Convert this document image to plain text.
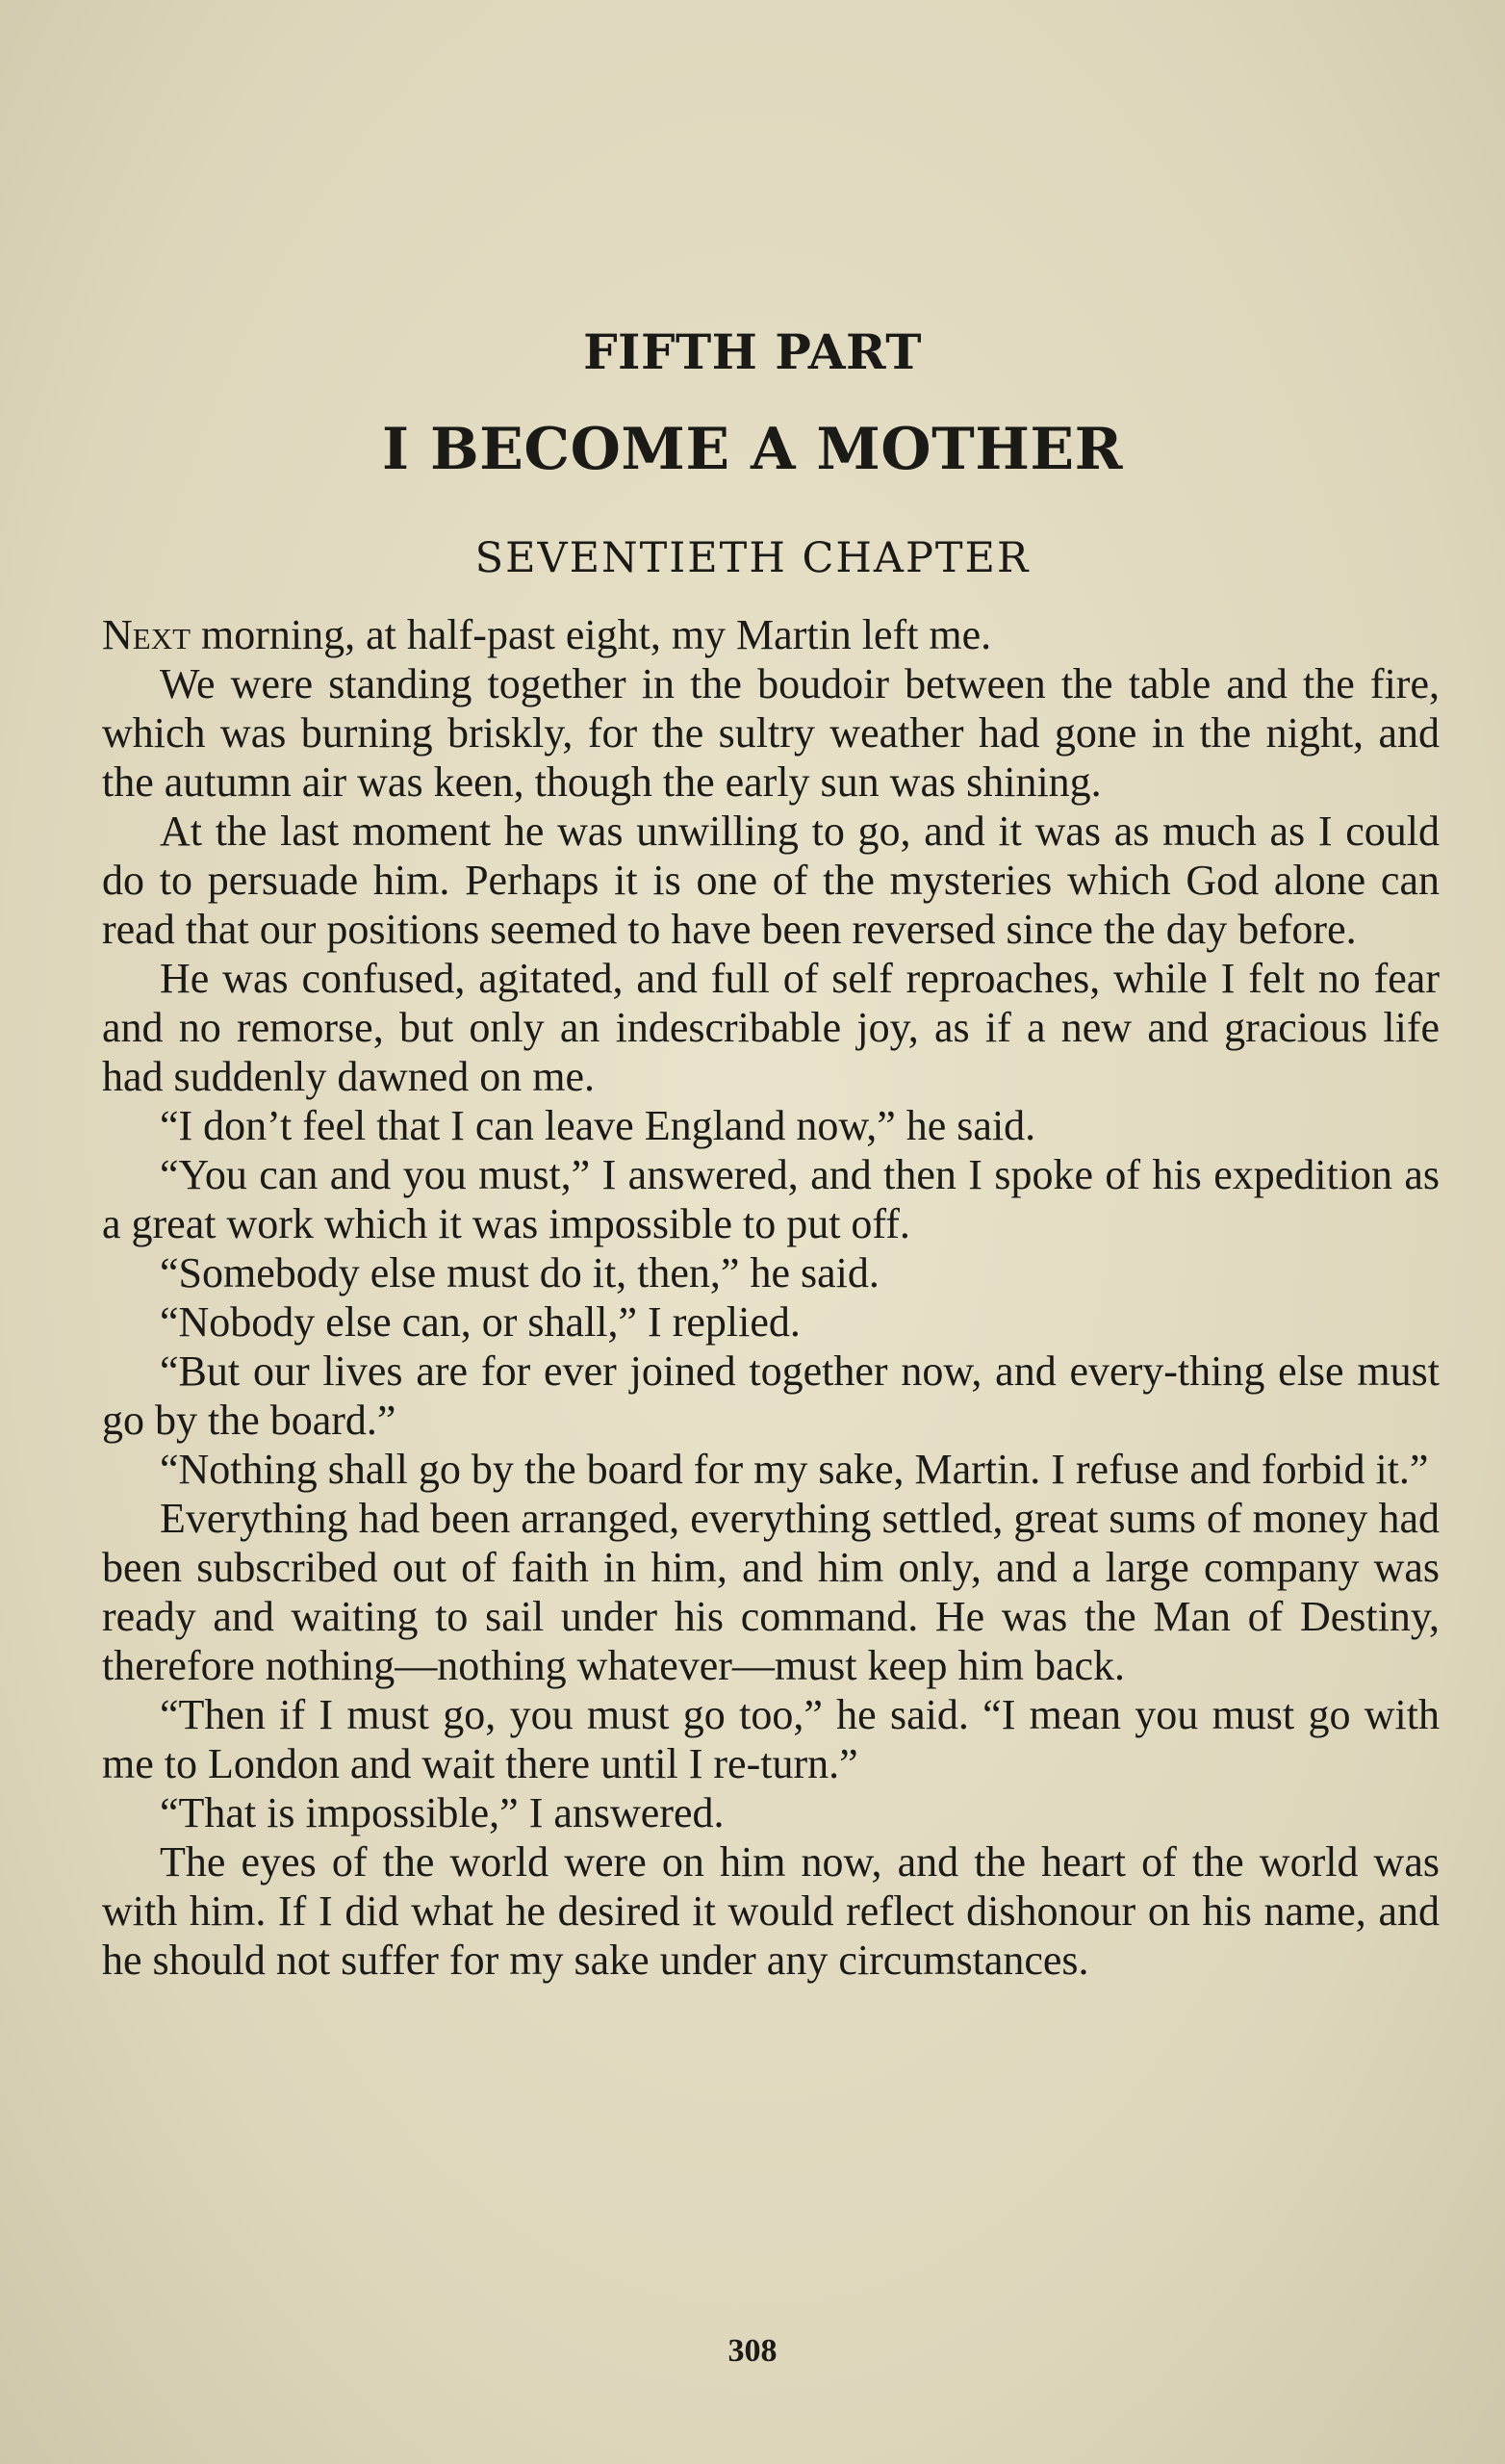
FIFTH PART
I BECOME A MOTHER
SEVENTIETH CHAPTER

Next morning, at half-past eight, my Martin left me.

We were standing together in the boudoir between the table and the fire, which was burning briskly, for the sultry weather had gone in the night, and the autumn air was keen, though the early sun was shining.

At the last moment he was unwilling to go, and it was as much as I could do to persuade him. Perhaps it is one of the mysteries which God alone can read that our positions seemed to have been reversed since the day before.

He was confused, agitated, and full of self reproaches, while I felt no fear and no remorse, but only an indescribable joy, as if a new and gracious life had suddenly dawned on me.

“I don’t feel that I can leave England now,” he said.

“You can and you must,” I answered, and then I spoke of his expedition as a great work which it was impossible to put off.

“Somebody else must do it, then,” he said.

“Nobody else can, or shall,” I replied.

“But our lives are for ever joined together now, and every-thing else must go by the board.”

“Nothing shall go by the board for my sake, Martin. I refuse and forbid it.”

Everything had been arranged, everything settled, great sums of money had been subscribed out of faith in him, and him only, and a large company was ready and waiting to sail under his command. He was the Man of Destiny, therefore nothing—nothing whatever—must keep him back.

“Then if I must go, you must go too,” he said. “I mean you must go with me to London and wait there until I re-turn.”

“That is impossible,” I answered.

The eyes of the world were on him now, and the heart of the world was with him. If I did what he desired it would reflect dishonour on his name, and he should not suffer for my sake under any circumstances.

308
